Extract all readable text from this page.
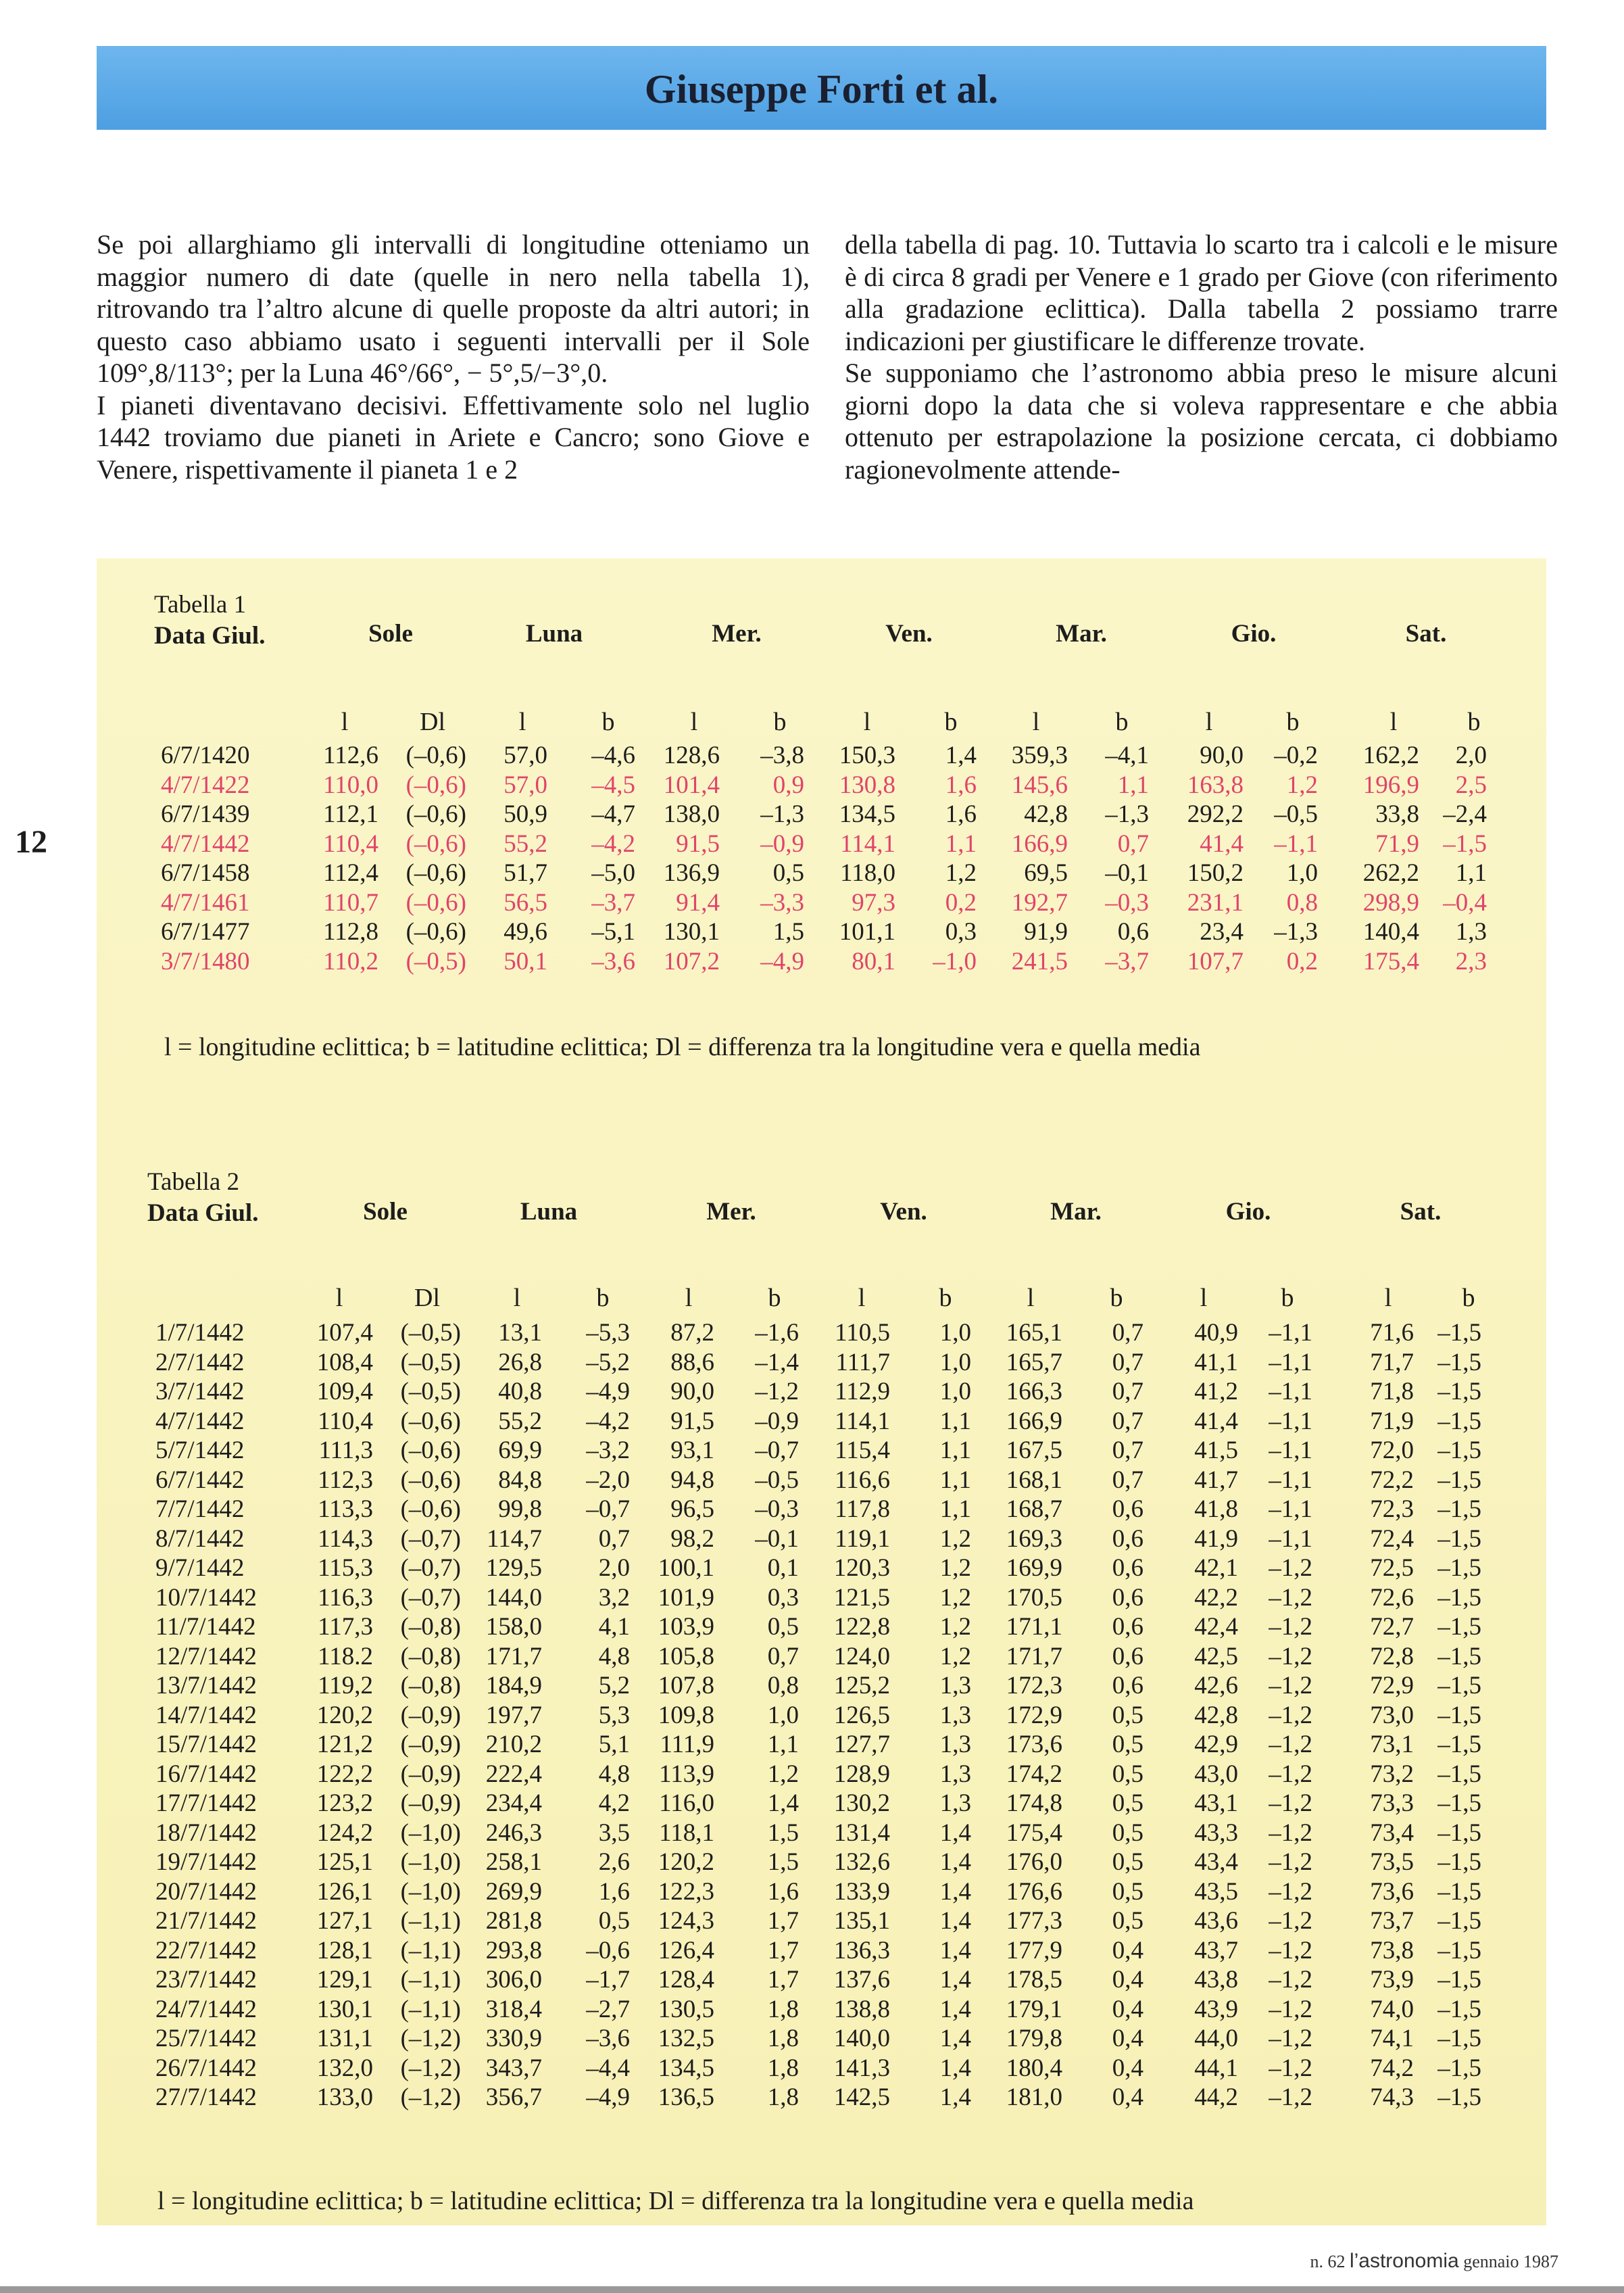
Giuseppe Forti et al.
12

Se poi allarghiamo gli intervalli di longitudine otteniamo un maggior numero di date (quelle in nero nella tabella 1), ritrovando tra l’altro alcune di quelle proposte da altri autori; in questo caso abbiamo usato i seguenti intervalli per il Sole 109°,8/113°; per la Luna 46°/66°, − 5°,5/−3°,0.

I pianeti diventavano decisivi. Effettivamente solo nel luglio 1442 troviamo due pianeti in Ariete e Cancro; sono Giove e Venere, rispettivamente il pianeta 1 e 2

della tabella di pag. 10. Tuttavia lo scarto tra i calcoli e le misure è di circa 8 gradi per Venere e 1 grado per Giove (con riferimento alla gradazione eclittica). Dalla tabella 2 possiamo trarre indicazioni per giustificare le differenze trovate.

Se supponiamo che l’astronomo abbia preso le misure alcuni giorni dopo la data che si voleva rappresentare e che abbia ottenuto per estrapolazione la posizione cercata, ci dobbiamo ragionevolmente attende-

n. 62 l’astronomia gennaio 1987
Tabella 1
Data Giul.	Sole	Luna	Mer.	Ven.	Mar.	Gio.	Sat.
l	Dl	l	b	l	b	l	b	l	b	l	b	l	b
6/7/1420	112,6 (–0,6) 57,0 –4,6 128,6 –3,8 150,3 1,4 359,3 –4,1 90,0 –0,2 162,2 2,0
4/7/1422	110,0 (–0,6) 57,0 –4,5 101,4 0,9 130,8 1,6 145,6 1,1 163,8 1,2 196,9 2,5
6/7/1439	112,1 (–0,6) 50,9 –4,7 138,0 –1,3 134,5 1,6 42,8 –1,3 292,2 –0,5 33,8 –2,4
4/7/1442	110,4 (–0,6) 55,2 –4,2 91,5 –0,9 114,1 1,1 166,9 0,7 41,4 –1,1 71,9 –1,5
6/7/1458	112,4 (–0,6) 51,7 –5,0 136,9 0,5 118,0 1,2 69,5 –0,1 150,2 1,0 262,2 1,1
4/7/1461	110,7 (–0,6) 56,5 –3,7 91,4 –3,3 97,3 0,2 192,7 –0,3 231,1 0,8 298,9 –0,4
6/7/1477	112,8 (–0,6) 49,6 –5,1 130,1 1,5 101,1 0,3 91,9 0,6 23,4 –1,3 140,4 1,3
3/7/1480	110,2 (–0,5) 50,1 –3,6 107,2 –4,9 80,1 –1,0 241,5 –3,7 107,7 0,2 175,4 2,3
l = longitudine eclittica; b = latitudine eclittica; Dl = differenza tra la longitudine vera e quella media
Tabella 2
Data Giul.	Sole	Luna	Mer.	Ven.	Mar.	Gio.	Sat.
l	Dl	l	b	l	b	l	b	l	b	l	b	l	b
1/7/1442	107,4 (–0,5) 13,1 –5,3 87,2 –1,6 110,5 1,0 165,1 0,7 40,9 –1,1 71,6 –1,5
2/7/1442	108,4 (–0,5) 26,8 –5,2 88,6 –1,4 111,7 1,0 165,7 0,7 41,1 –1,1 71,7 –1,5
3/7/1442	109,4 (–0,5) 40,8 –4,9 90,0 –1,2 112,9 1,0 166,3 0,7 41,2 –1,1 71,8 –1,5
4/7/1442	110,4 (–0,6) 55,2 –4,2 91,5 –0,9 114,1 1,1 166,9 0,7 41,4 –1,1 71,9 –1,5
5/7/1442	111,3 (–0,6) 69,9 –3,2 93,1 –0,7 115,4 1,1 167,5 0,7 41,5 –1,1 72,0 –1,5
6/7/1442	112,3 (–0,6) 84,8 –2,0 94,8 –0,5 116,6 1,1 168,1 0,7 41,7 –1,1 72,2 –1,5
7/7/1442	113,3 (–0,6) 99,8 –0,7 96,5 –0,3 117,8 1,1 168,7 0,6 41,8 –1,1 72,3 –1,5
8/7/1442	114,3 (–0,7) 114,7 0,7 98,2 –0,1 119,1 1,2 169,3 0,6 41,9 –1,1 72,4 –1,5
9/7/1442	115,3 (–0,7) 129,5 2,0 100,1 0,1 120,3 1,2 169,9 0,6 42,1 –1,2 72,5 –1,5
10/7/1442 116,3 (–0,7) 144,0 3,2 101,9 0,3 121,5 1,2 170,5 0,6 42,2 –1,2 72,6 –1,5
11/7/1442 117,3 (–0,8) 158,0 4,1 103,9 0,5 122,8 1,2 171,1 0,6 42,4 –1,2 72,7 –1,5
12/7/1442 118.2 (–0,8) 171,7 4,8 105,8 0,7 124,0 1,2 171,7 0,6 42,5 –1,2 72,8 –1,5
13/7/1442 119,2 (–0,8) 184,9 5,2 107,8 0,8 125,2 1,3 172,3 0,6 42,6 –1,2 72,9 –1,5
14/7/1442 120,2 (–0,9) 197,7 5,3 109,8 1,0 126,5 1,3 172,9 0,5 42,8 –1,2 73,0 –1,5
15/7/1442 121,2 (–0,9) 210,2 5,1 111,9 1,1 127,7 1,3 173,6 0,5 42,9 –1,2 73,1 –1,5
16/7/1442 122,2 (–0,9) 222,4 4,8 113,9 1,2 128,9 1,3 174,2 0,5 43,0 –1,2 73,2 –1,5
17/7/1442 123,2 (–0,9) 234,4 4,2 116,0 1,4 130,2 1,3 174,8 0,5 43,1 –1,2 73,3 –1,5
18/7/1442 124,2 (–1,0) 246,3 3,5 118,1 1,5 131,4 1,4 175,4 0,5 43,3 –1,2 73,4 –1,5
19/7/1442 125,1 (–1,0) 258,1 2,6 120,2 1,5 132,6 1,4 176,0 0,5 43,4 –1,2 73,5 –1,5
20/7/1442 126,1 (–1,0) 269,9 1,6 122,3 1,6 133,9 1,4 176,6 0,5 43,5 –1,2 73,6 –1,5
21/7/1442 127,1 (–1,1) 281,8 0,5 124,3 1,7 135,1 1,4 177,3 0,5 43,6 –1,2 73,7 –1,5
22/7/1442 128,1 (–1,1) 293,8 –0,6 126,4 1,7 136,3 1,4 177,9 0,4 43,7 –1,2 73,8 –1,5
23/7/1442 129,1 (–1,1) 306,0 –1,7 128,4 1,7 137,6 1,4 178,5 0,4 43,8 –1,2 73,9 –1,5
24/7/1442 130,1 (–1,1) 318,4 –2,7 130,5 1,8 138,8 1,4 179,1 0,4 43,9 –1,2 74,0 –1,5
25/7/1442 131,1 (–1,2) 330,9 –3,6 132,5 1,8 140,0 1,4 179,8 0,4 44,0 –1,2 74,1 –1,5
26/7/1442 132,0 (–1,2) 343,7 –4,4 134,5 1,8 141,3 1,4 180,4 0,4 44,1 –1,2 74,2 –1,5
27/7/1442 133,0 (–1,2) 356,7 –4,9 136,5 1,8 142,5 1,4 181,0 0,4 44,2 –1,2 74,3 –1,5
l = longitudine eclittica; b = latitudine eclittica; Dl = differenza tra la longitudine vera e quella media
